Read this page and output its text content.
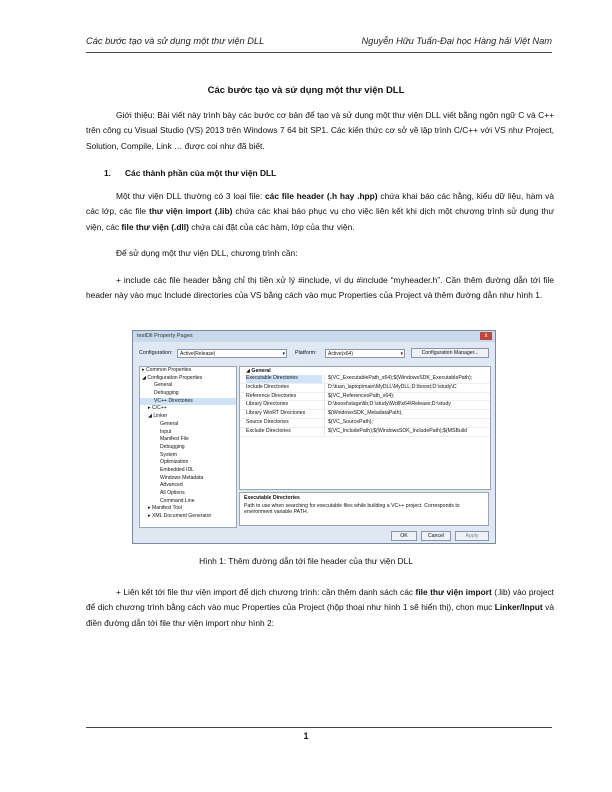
Các bước tạo và sử dụng một thư viện DLL	Nguyễn Hữu Tuấn-Đại học Hàng hải Việt Nam
Các bước tạo và sử dụng một thư viện DLL
Giới thiệu: Bài viết này trình bày các bước cơ bản để tạo và sử dụng một thư viện DLL viết bằng ngôn ngữ C và C++ trên công cụ Visual Studio (VS) 2013 trên Windows 7 64 bit SP1. Các kiến thức cơ sở về lập trình C/C++ với VS như Project, Solution, Compile, Link … được coi như đã biết.
1. Các thành phần của một thư viện DLL
Một thư viện DLL thường có 3 loại file: các file header (.h hay .hpp) chứa khai báo các hằng, kiểu dữ liệu, hàm và các lớp, các file thư viện import (.lib) chứa các khai báo phục vụ cho việc liên kết khi dịch một chương trình sử dụng thư viện, các file thư viện (.dll) chứa cài đặt của các hàm, lớp của thư viện.
Để sử dụng một thư viện DLL, chương trình cần:
+ include các file header bằng chỉ thị tiền xử lý #include, ví dụ #include “myheader.h”. Cần thêm đường dẫn tới file header này vào mục Include directories của VS bằng cách vào mục Properties của Project và thêm đường dẫn như hình 1.
testDll Property Pages	x
Configuration:	Active(Release)	▾ Platform:	Active(x64)	▾	Configuration Manager...
▸ Common Properties
◢ Configuration Properties
General
Debugging
VC++ Directories
▸ C/C++
◢ Linker
General
Input
Manifest File
Debugging
System
Optimization
Embedded IDL
Windows Metadata
Advanced
All Options
Command Line
▸ Manifest Tool
▸ XML Document Generator
◢ General
Executable Directories	$(VC_ExecutablePath_x64);$(WindowsSDK_ExecutablePath);
Include Directories	D:\tuan_laptop\main\MyDLL\MyDLL;D:\boost;D:\study\C
Reference Directories	$(VC_ReferencesPath_x64);
Library Directories	D:\boost\stage\lib;D:\study\Wdll\x64\Release;D:\study
Library WinRT Directories	$(WindowsSDK_MetadataPath);
Source Directories	$(VC_SourcePath);
Exclude Directories	$(VC_IncludePath);$(WindowsSDK_IncludePath);$(MSBuild
Executable Directories
Path to use when searching for executable files while building a VC++ project. Corresponds to environment variable PATH.
OK	Cancel	Apply
Hình 1: Thêm đường dẫn tới file header của thư viện DLL
+ Liên kết tới file thư viện import để dịch chương trình: cần thêm danh sách các file thư viện import (.lib) vào project để dịch chương trình bằng cách vào mục Properties của Project (hộp thoại như hình 1 sẽ hiển thị), chọn mục Linker/Input và điền đường dẫn tới file thư viện import như hình 2:
1
